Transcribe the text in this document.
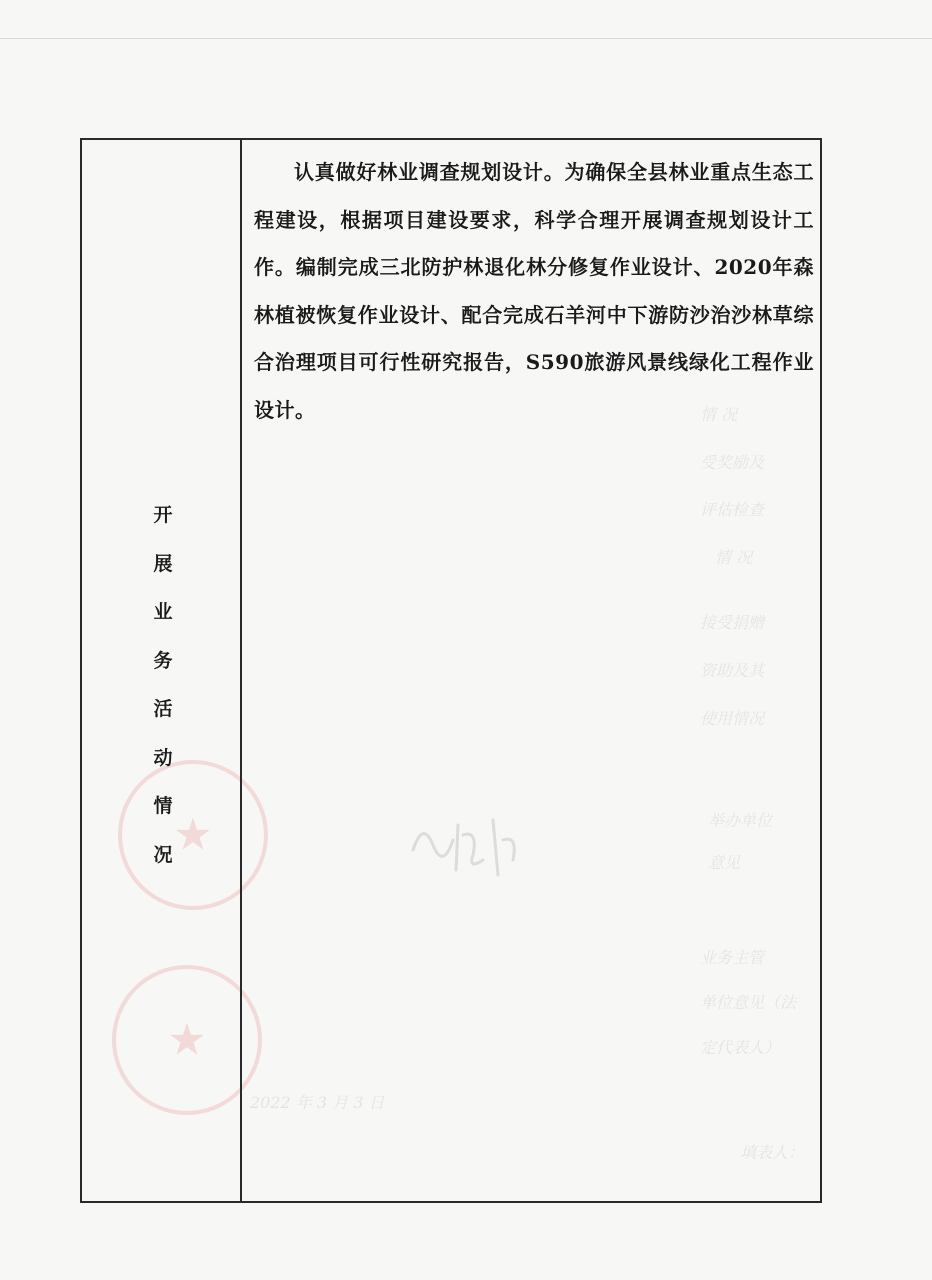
情 况
受奖励及
评估检查
情 况
接受捐赠
资助及其
使用情况
举办单位
意见
业务主管
单位意见（法
定代表人）
填表人：
2022 年 3 月 3 日
★
★
开
展
业
务
活
动
情
况

认真做好林业调查规划设计。为确保全县林业重点生态工程建设，根据项目建设要求，科学合理开展调查规划设计工作。编制完成三北防护林退化林分修复作业设计、2020年森林植被恢复作业设计、配合完成石羊河中下游防沙治沙林草综合治理项目可行性研究报告，S590旅游风景线绿化工程作业设计。
